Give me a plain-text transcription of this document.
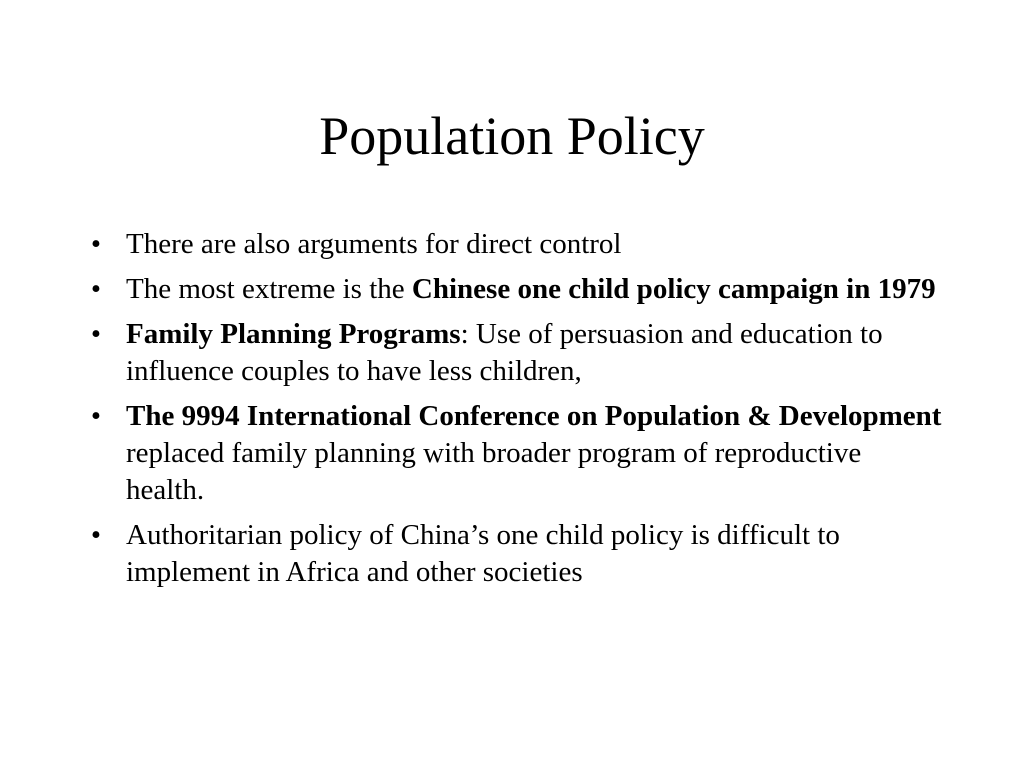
Population Policy
• There are also arguments for direct control
• The most extreme is the Chinese one child policy campaign in 1979
• Family Planning Programs: Use of persuasion and education to influence couples to have less children,
• The 9994 International Conference on Population & Development replaced family planning with broader program of reproductive health.
• Authoritarian policy of China’s one child policy is difficult to implement in Africa and other societies
